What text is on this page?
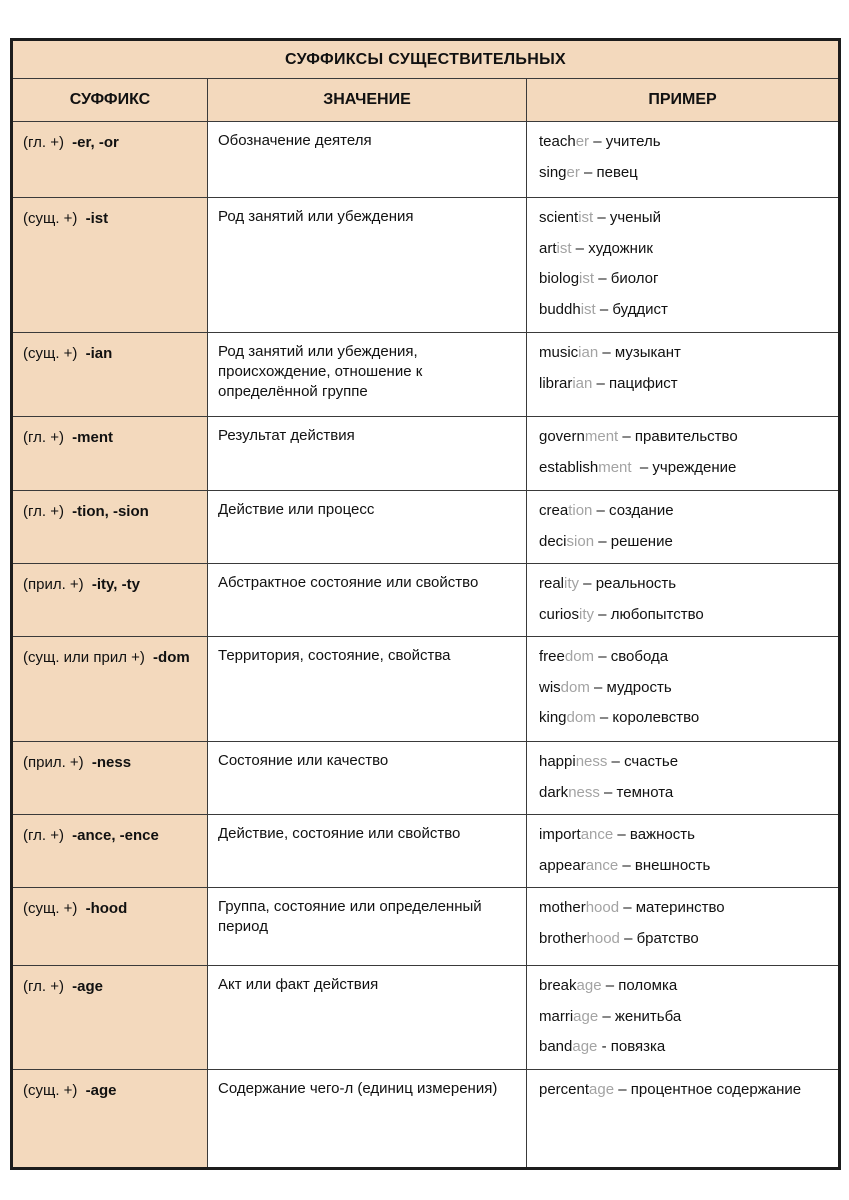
СУФФИКСЫ СУЩЕСТВИТЕЛЬНЫХ		
СУФФИКС	ЗНАЧЕНИЕ	ПРИМЕР
(гл. +) -er, -or	Обозначение деятеля	teacher – учитель
singer – певец

(сущ. +) -ist	Род занятий или убеждения	scientist – ученый
artist – художник
biologist – биолог
buddhist – буддист

(сущ. +) -ian	Род занятий или убеждения, происхождение, отношение к определённой группе	musician – музыкант
librarian – пацифист

(гл. +) -ment	Результат действия	government – правительство
establishment  – учреждение

(гл. +) -tion, -sion	Действие или процесс	creation – создание
decision – решение

(прил. +) -ity, -ty	Абстрактное состояние или свойство	reality – реальность
curiosity – любопытство

(сущ. или прил +) -dom	Территория, состояние, свойства	freedom – свобода
wisdom – мудрость
kingdom – королевство

(прил. +) -ness	Состояние или качество	happiness – счастье
darkness – темнота

(гл. +) -ance, -ence	Действие, состояние или свойство	importance – важность
appearance – внешность

(сущ. +) -hood	Группа, состояние или определенный период	motherhood – материнство
brotherhood – братство

(гл. +) -age	Акт или факт действия	breakage – поломка
marriage – женитьба
bandage - повязка

(сущ. +) -age	Содержание чего-л (единиц измерения)	percentage – процентное содержание
